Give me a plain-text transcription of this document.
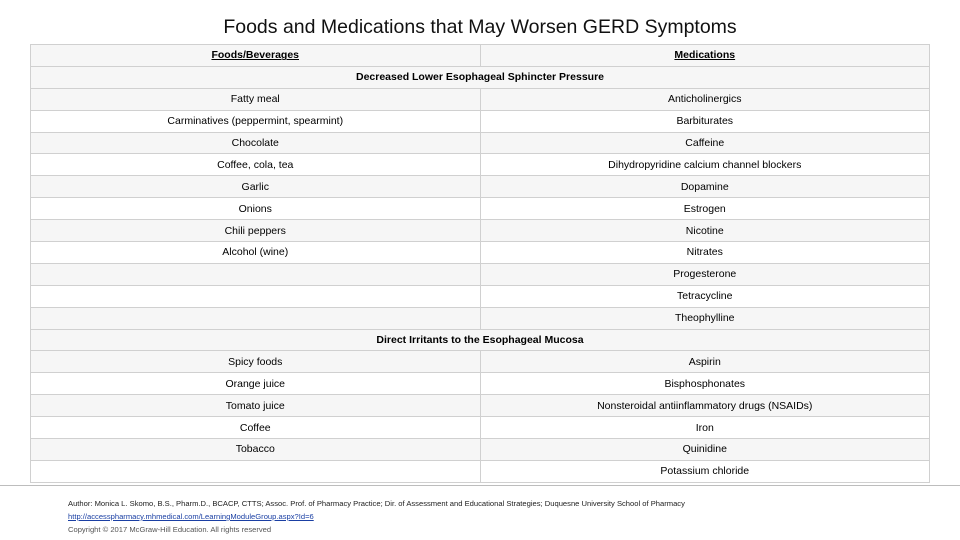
Foods and Medications that May Worsen GERD Symptoms
Foods/Beverages	Medications
Decreased Lower Esophageal Sphincter Pressure	
Fatty meal	Anticholinergics
Carminatives (peppermint, spearmint)	Barbiturates
Chocolate	Caffeine
Coffee, cola, tea	Dihydropyridine calcium channel blockers
Garlic	Dopamine
Onions	Estrogen
Chili peppers	Nicotine
Alcohol (wine)	Nitrates
	Progesterone
	Tetracycline
	Theophylline
Direct Irritants to the Esophageal Mucosa	
Spicy foods	Aspirin
Orange juice	Bisphosphonates
Tomato juice	Nonsteroidal antiinflammatory drugs (NSAIDs)
Coffee	Iron
Tobacco	Quinidine
	Potassium chloride
Author: Monica L. Skomo, B.S., Pharm.D., BCACP, CTTS; Assoc. Prof. of Pharmacy Practice; Dir. of Assessment and Educational Strategies; Duquesne University School of Pharmacy
http://accesspharmacy.mhmedical.com/LearningModuleGroup.aspx?Id=6
Copyright © 2017 McGraw-Hill Education. All rights reserved
